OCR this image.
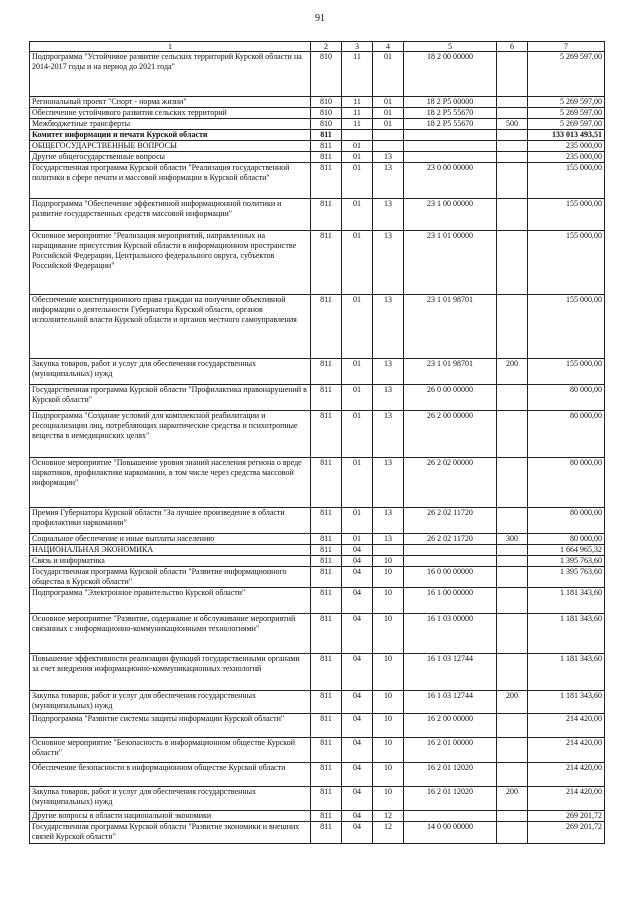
91
1	2	3	4	5	6	7
Подпрограмма "Устойчивое развитие сельских территорий Курской области на 2014-2017 годы и на период до 2021 года"	810	11	01	18 2 00 00000		5 269 597,00
Региональный проект "Спорт - норма жизни"	810	11	01	18 2 P5 00000		5 269 597,00
Обеспечение устойчивого развития сельских территорий	810	11	01	18 2 P5 55670		5 269 597,00
Межбюджетные трансферты	810	11	01	18 2 P5 55670	500	5 269 597,00
Комитет информации и печати Курской области	811					133 013 493,51
ОБЩЕГОСУДАРСТВЕННЫЕ ВОПРОСЫ	811	01				235 000,00
Другие общегосударственные вопросы	811	01	13			235 000,00
Государственная программа Курской области "Реализация государственной политики в сфере печати и массовой информации в Курской области"	811	01	13	23 0 00 00000		155 000,00
Подпрограмма "Обеспечение эффективной информационной политики и развитие государственных средств массовой информации"	811	01	13	23 1 00 00000		155 000,00
Основное мероприятие "Реализация мероприятий, направленных на наращивание присутствия Курской области в информационном пространстве Российской Федерации, Центрального федерального округа, субъектов Российской Федерации"	811	01	13	23 1 01 00000		155 000,00
Обеспечение конституционного права граждан на получение объективной информации о деятельности Губернатора Курской области, органов исполнительной власти Курской области и органов местного самоуправления	811	01	13	23 1 01 98701		155 000,00
Закупка товаров, работ и услуг для обеспечения государственных (муниципальных) нужд	811	01	13	23 1 01 98701	200	155 000,00
Государственная программа Курской области "Профилактика правонарушений в Курской области"	811	01	13	26 0 00 00000		80 000,00
Подпрограмма "Создание условий для комплексной реабилитации и ресоциализации лиц, потребляющих наркотические средства и психотропные вещества в немедицинских целях"	811	01	13	26 2 00 00000		80 000,00
Основное мероприятие "Повышение уровня знаний населения региона о вреде наркотиков, профилактике наркомании, в том числе через средства массовой информации"	811	01	13	26 2 02 00000		80 000,00
Премия Губернатора Курской области "За лучшее произведение в области профилактики наркомании"	811	01	13	26 2 02 11720		80 000,00
Социальное обеспечение и иные выплаты населению	811	01	13	26 2 02 11720	300	80 000,00
НАЦИОНАЛЬНАЯ ЭКОНОМИКА	811	04				1 664 965,32
Связь и информатика	811	04	10			1 395 763,60
Государственная программа Курской области "Развитие информационного общества в Курской области"	811	04	10	16 0 00 00000		1 395 763,60
Подпрограмма "Электронное правительство Курской области"	811	04	10	16 1 00 00000		1 181 343,60
Основное мероприятие "Развитие, содержание и обслуживание мероприятий связанных с информационно-коммуникационными технологиями"	811	04	10	16 1 03 00000		1 181 343,60
Повышение эффективности реализации функций государственными органами за счет внедрения информационно-коммуникационных технологий	811	04	10	16 1 03 12744		1 181 343,60
Закупка товаров, работ и услуг для обеспечения государственных (муниципальных) нужд	811	04	10	16 1 03 12744	200	1 181 343,60
Подпрограмма "Развитие системы защиты информации Курской области"	811	04	10	16 2 00 00000		214 420,00
Основное мероприятие "Безопасность в информационном обществе Курской области"	811	04	10	16 2 01 00000		214 420,00
Обеспечение безопасности в информационном обществе Курской области	811	04	10	16 2 01 12020		214 420,00
Закупка товаров, работ и услуг для обеспечения государственных (муниципальных) нужд	811	04	10	16 2 01 12020	200	214 420,00
Другие вопросы в области национальной экономики	811	04	12			269 201,72
Государственная программа Курской области "Развитие экономики и внешних связей Курской области"	811	04	12	14 0 00 00000		269 201,72
